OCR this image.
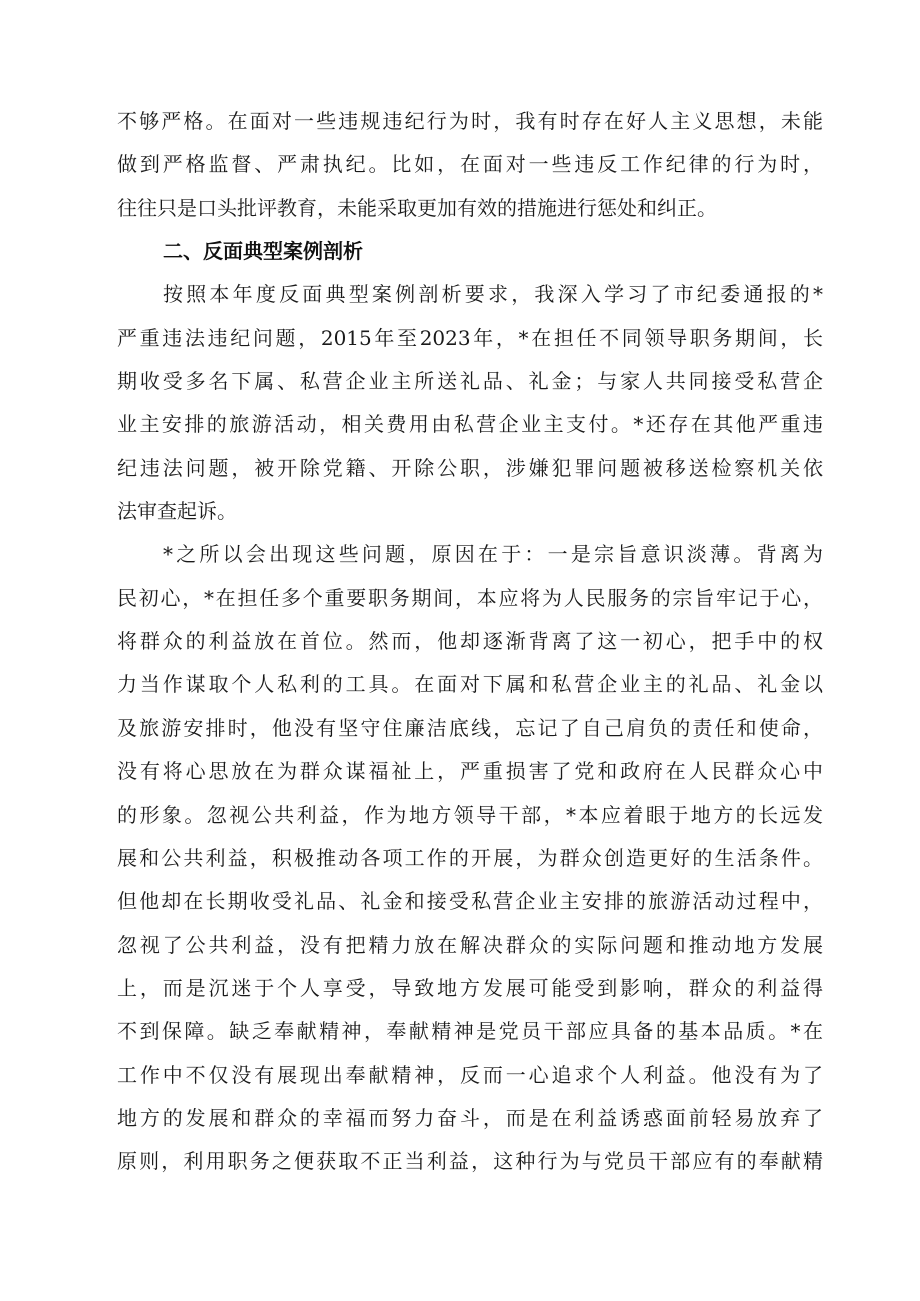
不够严格。在面对一些违规违纪行为时，我有时存在好人主义思想，未能
做到严格监督、严肃执纪。比如，在面对一些违反工作纪律的行为时，
往往只是口头批评教育，未能采取更加有效的措施进行惩处和纠正。
二、反面典型案例剖析
按照本年度反面典型案例剖析要求，我深入学习了市纪委通报的*
严重违法违纪问题，2015年至2023年，*在担任不同领导职务期间，长
期收受多名下属、私营企业主所送礼品、礼金；与家人共同接受私营企
业主安排的旅游活动，相关费用由私营企业主支付。*还存在其他严重违
纪违法问题，被开除党籍、开除公职，涉嫌犯罪问题被移送检察机关依
法审查起诉。
*之所以会出现这些问题，原因在于：一是宗旨意识淡薄。背离为
民初心，*在担任多个重要职务期间，本应将为人民服务的宗旨牢记于心，
将群众的利益放在首位。然而，他却逐渐背离了这一初心，把手中的权
力当作谋取个人私利的工具。在面对下属和私营企业主的礼品、礼金以
及旅游安排时，他没有坚守住廉洁底线，忘记了自己肩负的责任和使命，
没有将心思放在为群众谋福祉上，严重损害了党和政府在人民群众心中
的形象。忽视公共利益，作为地方领导干部，*本应着眼于地方的长远发
展和公共利益，积极推动各项工作的开展，为群众创造更好的生活条件。
但他却在长期收受礼品、礼金和接受私营企业主安排的旅游活动过程中，
忽视了公共利益，没有把精力放在解决群众的实际问题和推动地方发展
上，而是沉迷于个人享受，导致地方发展可能受到影响，群众的利益得
不到保障。缺乏奉献精神，奉献精神是党员干部应具备的基本品质。*在
工作中不仅没有展现出奉献精神，反而一心追求个人利益。他没有为了
地方的发展和群众的幸福而努力奋斗，而是在利益诱惑面前轻易放弃了
原则，利用职务之便获取不正当利益，这种行为与党员干部应有的奉献精
